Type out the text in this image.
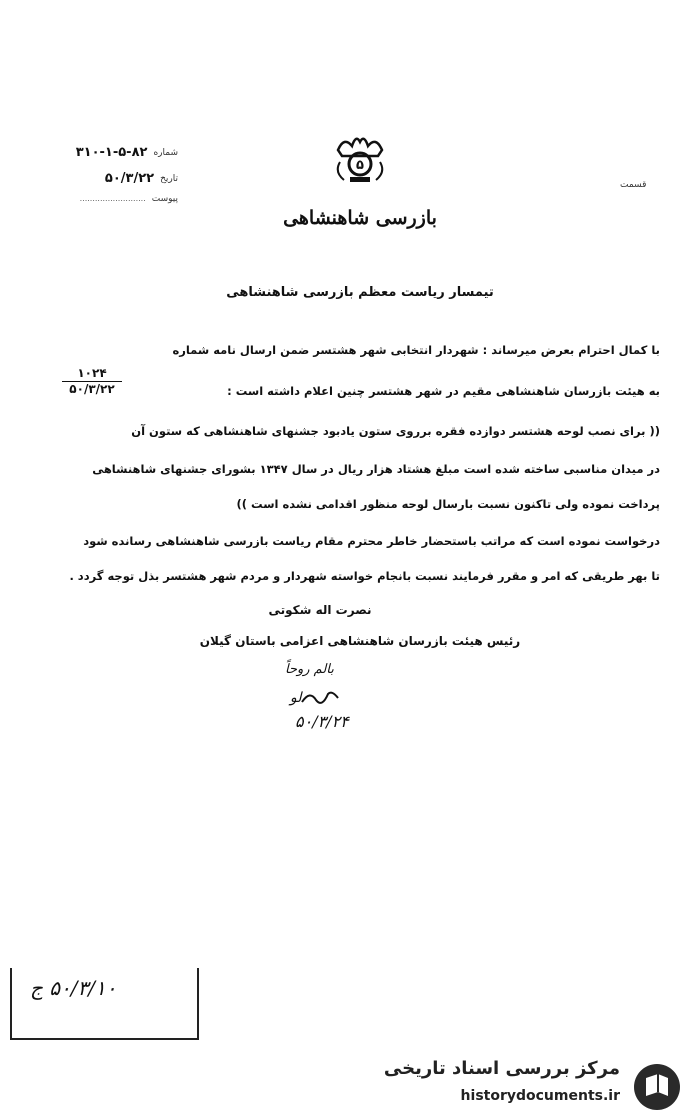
شماره
۳۱۰-۱-۵-۸۲
تاریخ
۵۰/۳/۲۲
پیوست
..........................
۵
قسمت
بازرسی شاهنشاهی
تیمسار ریاست معظم بازرسی شاهنشاهی
با کمال احترام بعرض میرساند : شهردار انتخابی شهر هشتسر ضمن ارسال نامه شماره
۱۰۲۴
۵۰/۳/۲۲	به هیئت بازرسان شاهنشاهی مقیم در شهر هشتسر چنین اعلام داشته است :
(( برای نصب لوحه هشتسر دوازده فقره برروی ستون یادبود جشنهای شاهنشاهی که ستون آن
در میدان مناسبی ساخته شده است مبلغ هشتاد هزار ریال در سال ۱۳۴۷ بشورای جشنهای شاهنشاهی
پرداخت نموده ولی تاکنون نسبت بارسال لوحه منظور اقدامی نشده است ))
درخواست نموده است که مراتب باستحضار خاطر محترم مقام ریاست بازرسی شاهنشاهی رسانده شود
تا بهر طریقی که امر و مقرر فرمایند نسبت بانجام خواسته شهردار و مردم شهر هشتسر بذل توجه گردد .
نصرت اله شکوتی
رئیس هیئت بازرسان شاهنشاهی اعزامی باستان گیلان
بالم روحاً
لو
۵۰/۳/۲۴
۵۰/۳/۱۰ ج
مرکز بررسی اسناد تاریخی
historydocuments.ir
